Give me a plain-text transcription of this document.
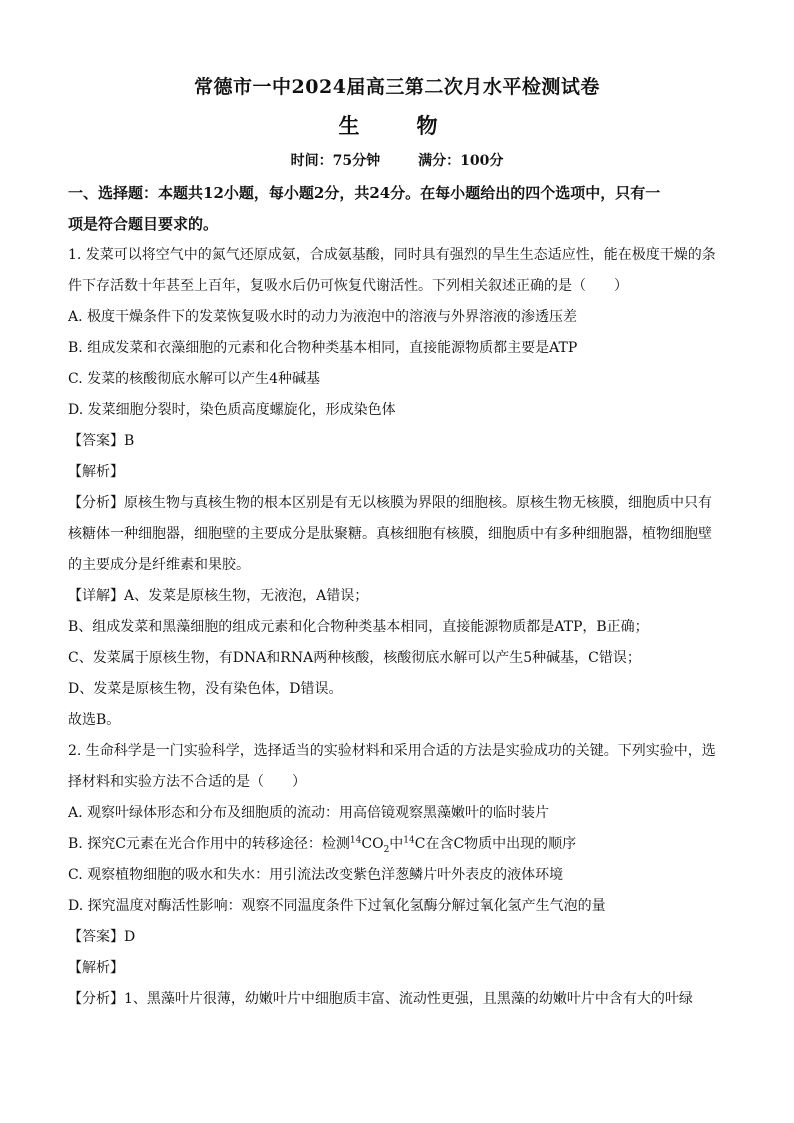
常德市一中2024届高三第二次月水平检测试卷
生　物
时间：75分钟	满分：100分
一、选择题：本题共12小题，每小题2分，共24分。在每小题给出的四个选项中，只有一
项是符合题目要求的。
1. 发菜可以将空气中的氮气还原成氨，合成氨基酸，同时具有强烈的旱生生态适应性，能在极度干燥的条
件下存活数十年甚至上百年，复吸水后仍可恢复代谢活性。下列相关叙述正确的是（　　）
A. 极度干燥条件下的发菜恢复吸水时的动力为液泡中的溶液与外界溶液的渗透压差
B. 组成发菜和衣藻细胞的元素和化合物种类基本相同，直接能源物质都主要是ATP
C. 发菜的核酸彻底水解可以产生4种碱基
D. 发菜细胞分裂时，染色质高度螺旋化，形成染色体
【答案】B
【解析】
【分析】原核生物与真核生物的根本区别是有无以核膜为界限的细胞核。原核生物无核膜，细胞质中只有
核糖体一种细胞器，细胞壁的主要成分是肽聚糖。真核细胞有核膜，细胞质中有多种细胞器，植物细胞壁
的主要成分是纤维素和果胶。
【详解】A、发菜是原核生物，无液泡，A错误；
B、组成发菜和黑藻细胞的组成元素和化合物种类基本相同，直接能源物质都是ATP，B正确；
C、发菜属于原核生物，有DNA和RNA两种核酸，核酸彻底水解可以产生5种碱基，C错误；
D、发菜是原核生物，没有染色体，D错误。
故选B。
2. 生命科学是一门实验科学，选择适当的实验材料和采用合适的方法是实验成功的关键。下列实验中，选
择材料和实验方法不合适的是（　　）
A. 观察叶绿体形态和分布及细胞质的流动：用高倍镜观察黑藻嫩叶的临时装片
B. 探究C元素在光合作用中的转移途径：检测$^{14}CO_2$中$^{14}$C在含C物质中出现的顺序
C. 观察植物细胞的吸水和失水：用引流法改变紫色洋葱鳞片叶外表皮的液体环境
D. 探究温度对酶活性影响：观察不同温度条件下过氧化氢酶分解过氧化氢产生气泡的量
【答案】D
【解析】
【分析】1、黑藻叶片很薄，幼嫩叶片中细胞质丰富、流动性更强，且黑藻的幼嫩叶片中含有大的叶绿
